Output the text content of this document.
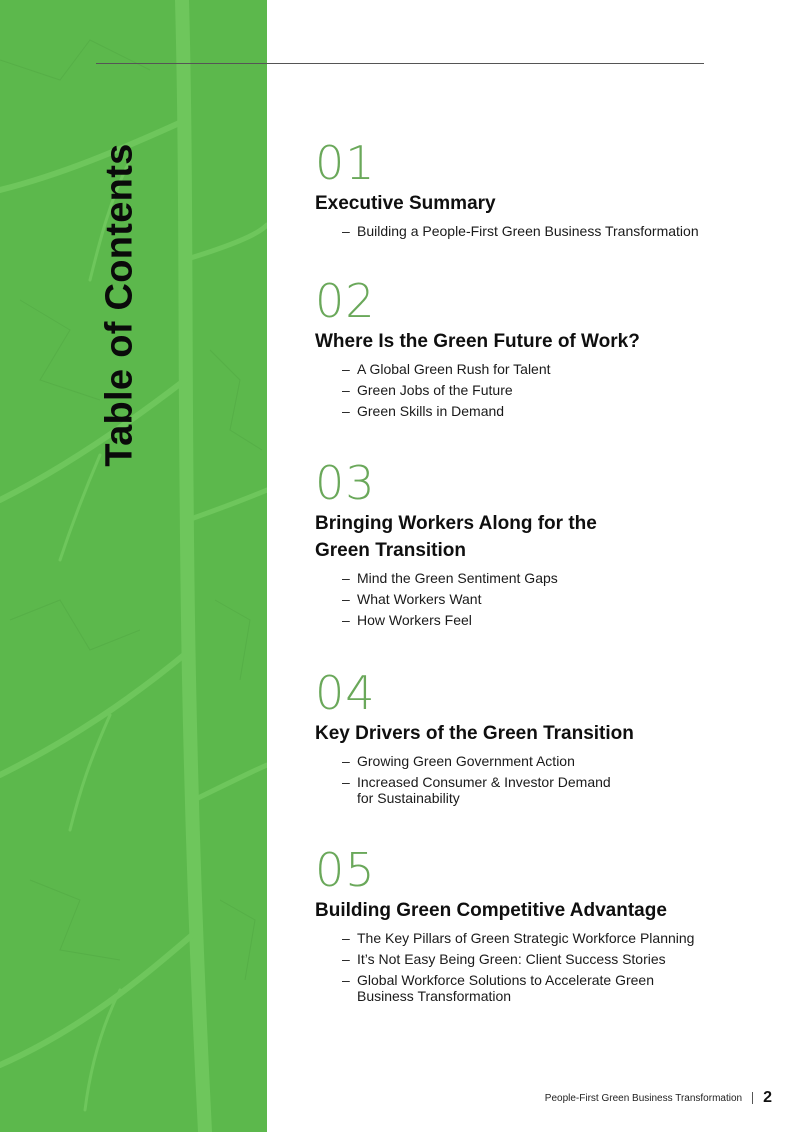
Table of Contents	01
Executive Summary
– Building a People-First Green Business Transformation
02
Where Is the Green Future of Work?
– A Global Green Rush for Talent
– Green Jobs of the Future
– Green Skills in Demand
03
Bringing Workers Along for the Green Transition
– Mind the Green Sentiment Gaps
– What Workers Want
– How Workers Feel
04
Key Drivers of the Green Transition
– Growing Green Government Action
– Increased Consumer & Investor Demand for Sustainability
05
Building Green Competitive Advantage
– The Key Pillars of Green Strategic Workforce Planning
– It’s Not Easy Being Green: Client Success Stories
– Global Workforce Solutions to Accelerate Green Business Transformation
People-First Green Business Transformation 2
